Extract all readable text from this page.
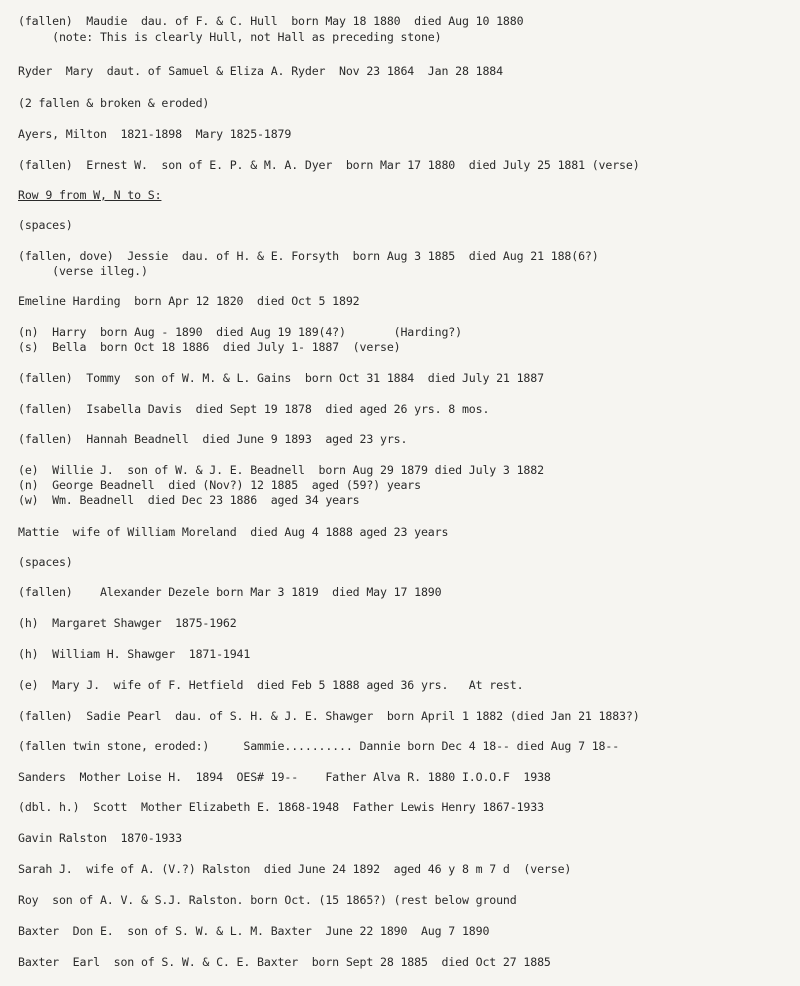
(fallen)  Maudie  dau. of F. & C. Hull  born May 18 1880  died Aug 10 1880
(note: This is clearly Hull, not Hall as preceding stone)
Ryder  Mary  daut. of Samuel & Eliza A. Ryder  Nov 23 1864  Jan 28 1884
(2 fallen & broken & eroded)
Ayers, Milton  1821-1898  Mary 1825-1879
(fallen)  Ernest W.  son of E. P. & M. A. Dyer  born Mar 17 1880  died July 25 1881 (verse)
Row 9 from W, N to S:
(spaces)
(fallen, dove)  Jessie  dau. of H. & E. Forsyth  born Aug 3 1885  died Aug 21 188(6?)
(verse illeg.)
Emeline Harding  born Apr 12 1820  died Oct 5 1892
(n)  Harry  born Aug - 1890  died Aug 19 189(4?)       (Harding?)
(s)  Bella  born Oct 18 1886  died July 1- 1887  (verse)
(fallen)  Tommy  son of W. M. & L. Gains  born Oct 31 1884  died July 21 1887
(fallen)  Isabella Davis  died Sept 19 1878  died aged 26 yrs. 8 mos.
(fallen)  Hannah Beadnell  died June 9 1893  aged 23 yrs.
(e)  Willie J.  son of W. & J. E. Beadnell  born Aug 29 1879 died July 3 1882
(n)  George Beadnell  died (Nov?) 12 1885  aged (59?) years
(w)  Wm. Beadnell  died Dec 23 1886  aged 34 years
Mattie  wife of William Moreland  died Aug 4 1888 aged 23 years
(spaces)
(fallen)    Alexander Dezele born Mar 3 1819  died May 17 1890
(h)  Margaret Shawger  1875-1962
(h)  William H. Shawger  1871-1941
(e)  Mary J.  wife of F. Hetfield  died Feb 5 1888 aged 36 yrs.   At rest.
(fallen)  Sadie Pearl  dau. of S. H. & J. E. Shawger  born April 1 1882 (died Jan 21 1883?)
(fallen twin stone, eroded:)     Sammie.......... Dannie born Dec 4 18-- died Aug 7 18--
Sanders  Mother Loise H.  1894  OES# 19--    Father Alva R. 1880 I.O.O.F  1938
(dbl. h.)  Scott  Mother Elizabeth E. 1868-1948  Father Lewis Henry 1867-1933
Gavin Ralston  1870-1933
Sarah J.  wife of A. (V.?) Ralston  died June 24 1892  aged 46 y 8 m 7 d  (verse)
Roy  son of A. V. & S.J. Ralston. born Oct. (15 1865?) (rest below ground
Baxter  Don E.  son of S. W. & L. M. Baxter  June 22 1890  Aug 7 1890
Baxter  Earl  son of S. W. & C. E. Baxter  born Sept 28 1885  died Oct 27 1885
